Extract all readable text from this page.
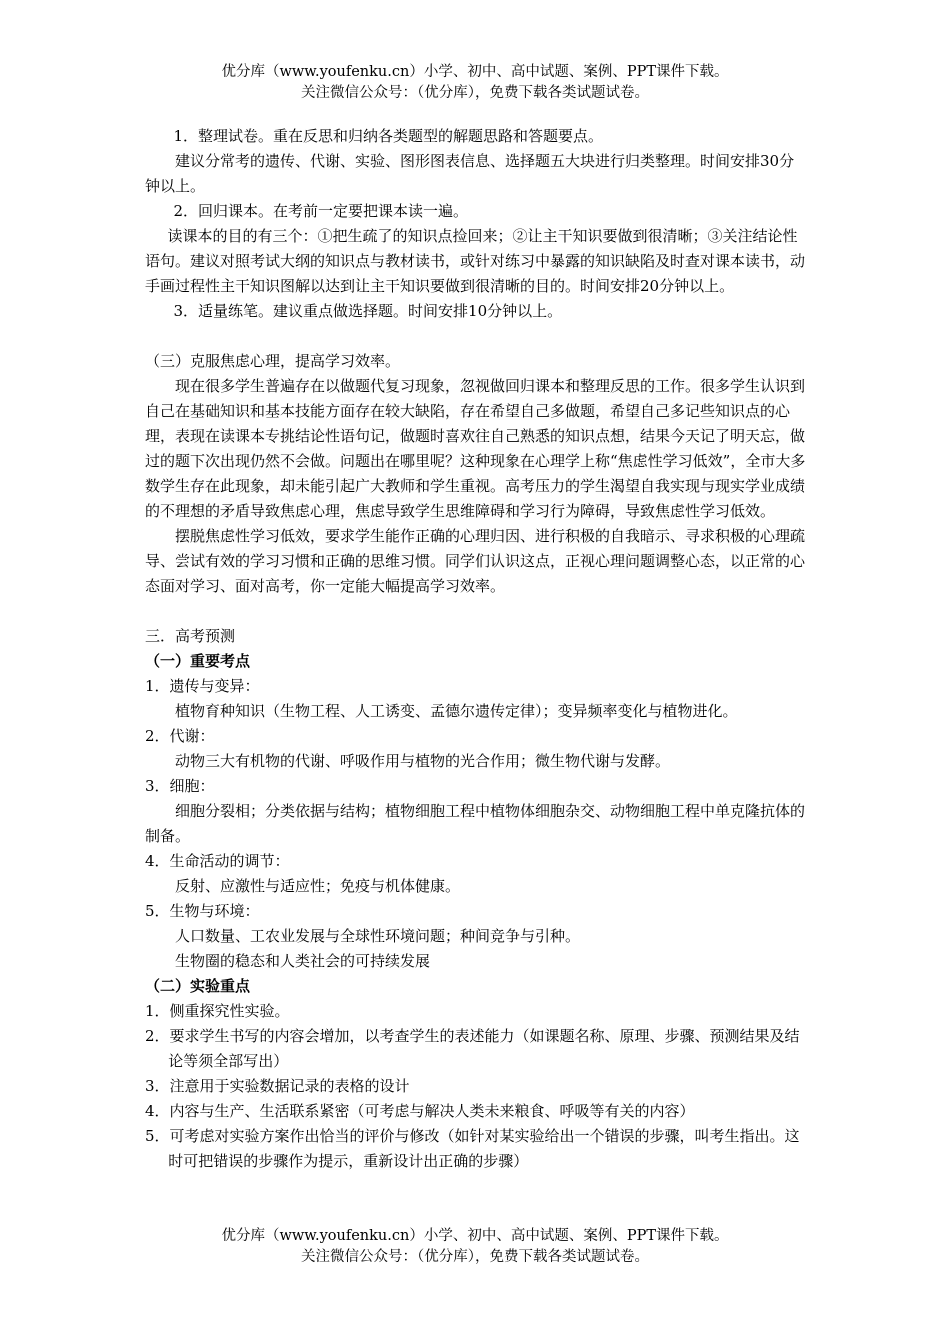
优分库（www.youfenku.cn）小学、初中、高中试题、案例、PPT课件下载。
关注微信公众号：（优分库），免费下载各类试题试卷。

1．整理试卷。重在反思和归纳各类题型的解题思路和答题要点。

建议分常考的遗传、代谢、实验、图形图表信息、选择题五大块进行归类整理。时间安排30分钟以上。

2．回归课本。在考前一定要把课本读一遍。

读课本的目的有三个：①把生疏了的知识点捡回来；②让主干知识要做到很清晰；③关注结论性语句。建议对照考试大纲的知识点与教材读书，或针对练习中暴露的知识缺陷及时查对课本读书，动手画过程性主干知识图解以达到让主干知识要做到很清晰的目的。时间安排20分钟以上。

3．适量练笔。建议重点做选择题。时间安排10分钟以上。

（三）克服焦虑心理，提高学习效率。

现在很多学生普遍存在以做题代复习现象，忽视做回归课本和整理反思的工作。很多学生认识到自己在基础知识和基本技能方面存在较大缺陷，存在希望自己多做题，希望自己多记些知识点的心理，表现在读课本专挑结论性语句记，做题时喜欢往自己熟悉的知识点想，结果今天记了明天忘，做过的题下次出现仍然不会做。问题出在哪里呢？这种现象在心理学上称“焦虑性学习低效”，全市大多数学生存在此现象，却未能引起广大教师和学生重视。高考压力的学生渴望自我实现与现实学业成绩的不理想的矛盾导致焦虑心理，焦虑导致学生思维障碍和学习行为障碍，导致焦虑性学习低效。

摆脱焦虑性学习低效，要求学生能作正确的心理归因、进行积极的自我暗示、寻求积极的心理疏导、尝试有效的学习习惯和正确的思维习惯。同学们认识这点，正视心理问题调整心态，以正常的心态面对学习、面对高考，你一定能大幅提高学习效率。

三．高考预测

（一）重要考点

1．遗传与变异：

植物育种知识（生物工程、人工诱变、孟德尔遗传定律）；变异频率变化与植物进化。

2．代谢：

动物三大有机物的代谢、呼吸作用与植物的光合作用；微生物代谢与发酵。

3．细胞：

细胞分裂相；分类依据与结构；植物细胞工程中植物体细胞杂交、动物细胞工程中单克隆抗体的制备。

4．生命活动的调节：

反射、应激性与适应性；免疫与机体健康。

5．生物与环境：

人口数量、工农业发展与全球性环境问题；种间竞争与引种。

生物圈的稳态和人类社会的可持续发展

（二）实验重点

1．侧重探究性实验。

2．要求学生书写的内容会增加，以考查学生的表述能力（如课题名称、原理、步骤、预测结果及结论等须全部写出）

3．注意用于实验数据记录的表格的设计

4．内容与生产、生活联系紧密（可考虑与解决人类未来粮食、呼吸等有关的内容）

5．可考虑对实验方案作出恰当的评价与修改（如针对某实验给出一个错误的步骤，叫考生指出。这时可把错误的步骤作为提示，重新设计出正确的步骤）

优分库（www.youfenku.cn）小学、初中、高中试题、案例、PPT课件下载。
关注微信公众号：（优分库），免费下载各类试题试卷。
